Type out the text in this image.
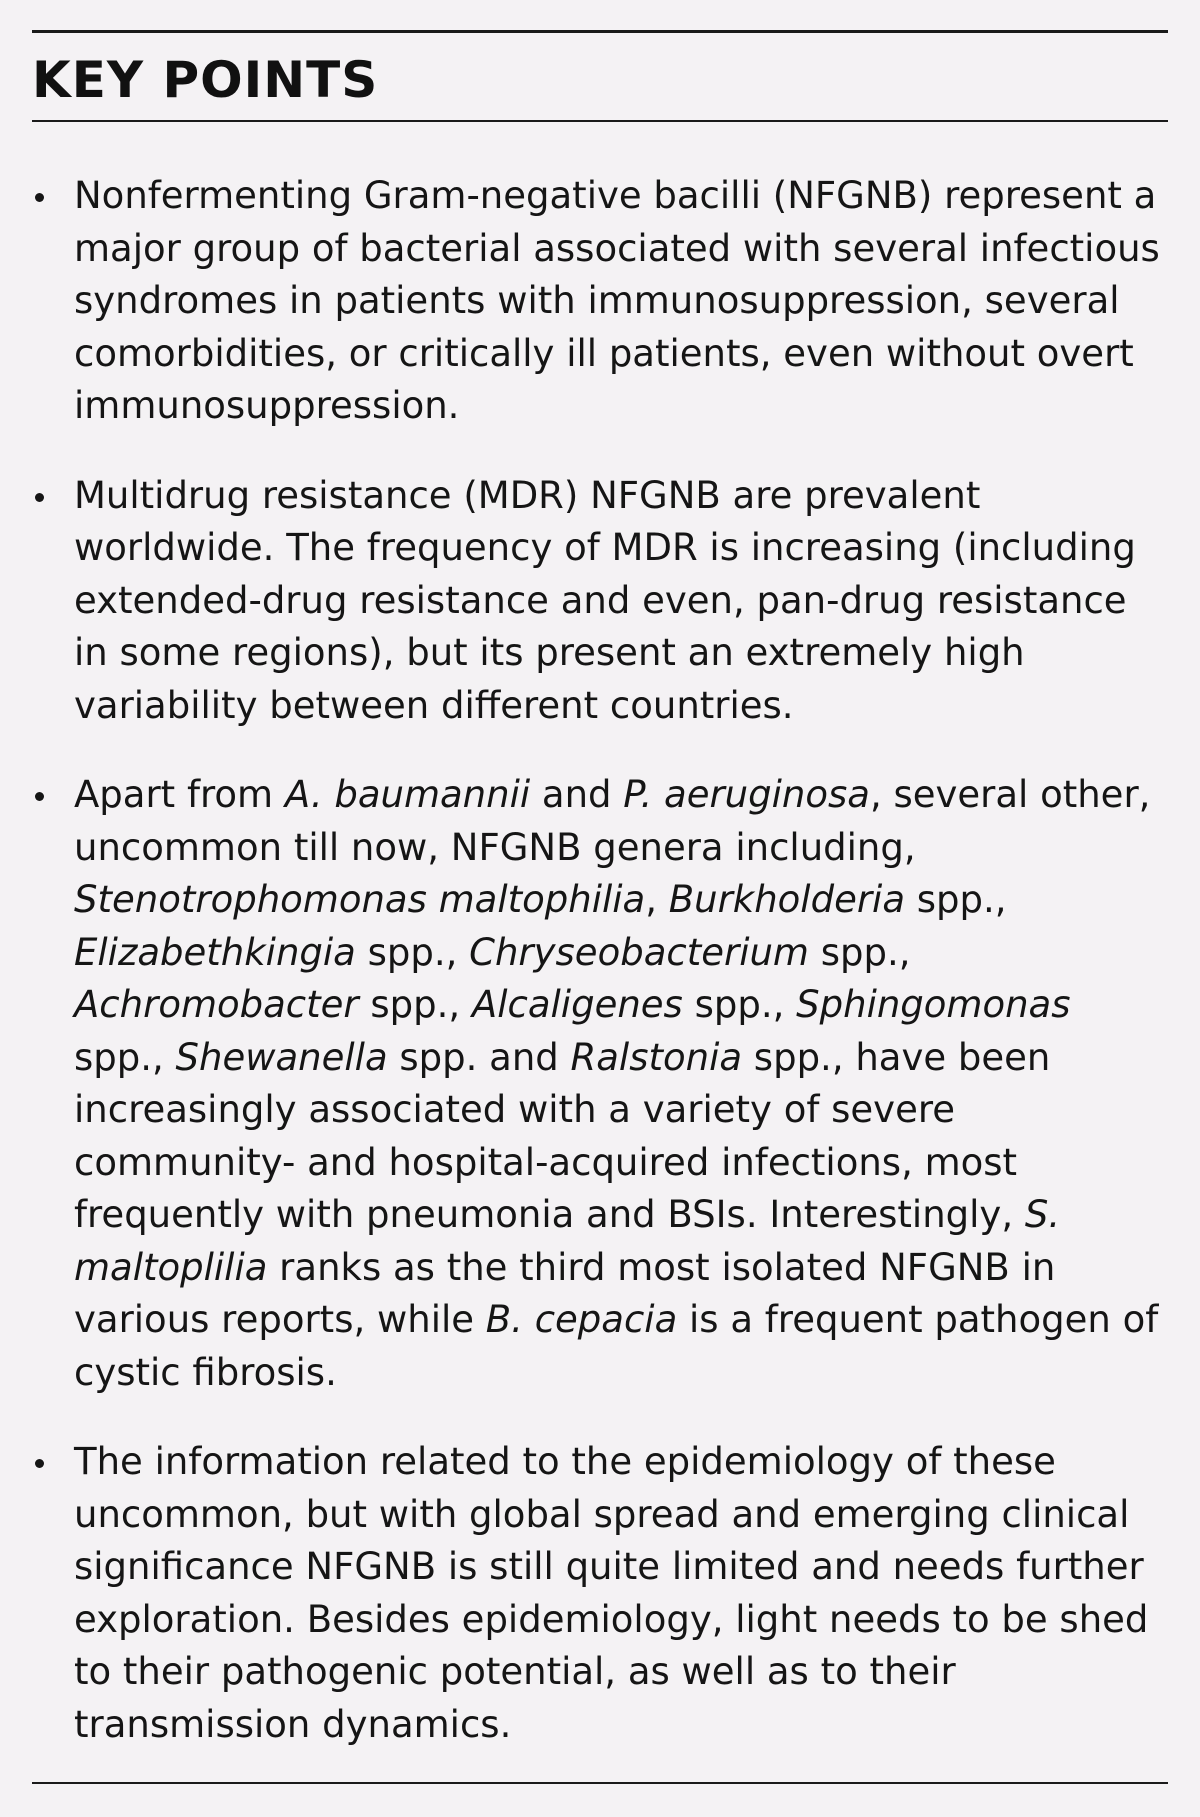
KEY POINTS
Nonfermenting Gram-negative bacilli (NFGNB) represent a major group of bacterial associated with several infectious syndromes in patients with immunosuppression, several comorbidities, or critically ill patients, even without overt immunosuppression.
Multidrug resistance (MDR) NFGNB are prevalent worldwide. The frequency of MDR is increasing (including extended-drug resistance and even, pan-drug resistance in some regions), but its present an extremely high variability between different countries.
Apart from A. baumannii and P. aeruginosa, several other, uncommon till now, NFGNB genera including, Stenotrophomonas maltophilia, Burkholderia spp., Elizabethkingia spp., Chryseobacterium spp., Achromobacter spp., Alcaligenes spp., Sphingomonas spp., Shewanella spp. and Ralstonia spp., have been increasingly associated with a variety of severe community- and hospital-acquired infections, most frequently with pneumonia and BSIs. Interestingly, S. maltoplilia ranks as the third most isolated NFGNB in various reports, while B. cepacia is a frequent pathogen of cystic fibrosis.
The information related to the epidemiology of these uncommon, but with global spread and emerging clinical significance NFGNB is still quite limited and needs further exploration. Besides epidemiology, light needs to be shed to their pathogenic potential, as well as to their transmission dynamics.
